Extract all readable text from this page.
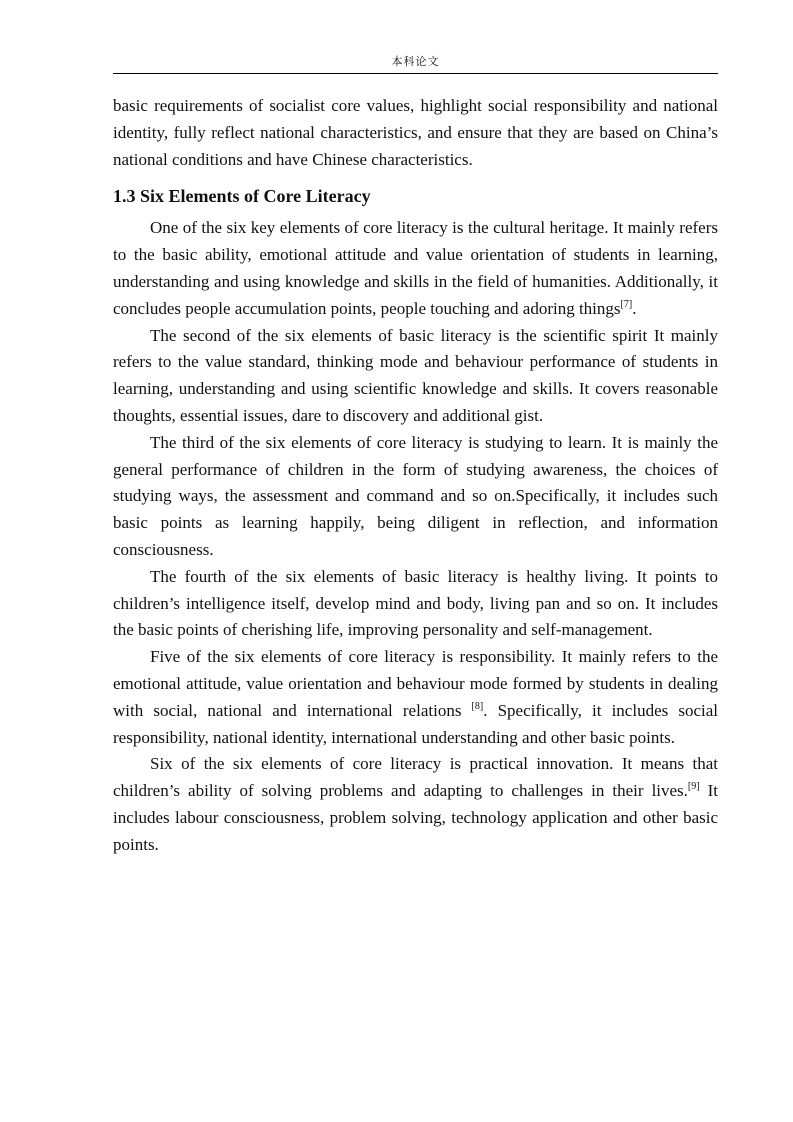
本科论文

basic requirements of socialist core values, highlight social responsibility and national identity, fully reflect national characteristics, and ensure that they are based on China’s national conditions and have Chinese characteristics.

1.3 Six Elements of Core Literacy

One of the six key elements of core literacy is the cultural heritage. It mainly refers to the basic ability, emotional attitude and value orientation of students in learning, understanding and using knowledge and skills in the field of humanities. Additionally, it concludes people accumulation points, people touching and adoring things[7].

The second of the six elements of basic literacy is the scientific spirit It mainly refers to the value standard, thinking mode and behaviour performance of students in learning, understanding and using scientific knowledge and skills. It covers reasonable thoughts, essential issues, dare to discovery and additional gist.

The third of the six elements of core literacy is studying to learn. It is mainly the general performance of children in the form of studying awareness, the choices of studying ways, the assessment and command and so on.Specifically, it includes such basic points as learning happily, being diligent in reflection, and information consciousness.

The fourth of the six elements of basic literacy is healthy living. It points to children’s intelligence itself, develop mind and body, living pan and so on. It includes the basic points of cherishing life, improving personality and self-management.

Five of the six elements of core literacy is responsibility. It mainly refers to the emotional attitude, value orientation and behaviour mode formed by students in dealing with social, national and international relations [8]. Specifically, it includes social responsibility, national identity, international understanding and other basic points.

Six of the six elements of core literacy is practical innovation. It means that children’s ability of solving problems and adapting to challenges in their lives.[9] It includes labour consciousness, problem solving, technology application and other basic points.
